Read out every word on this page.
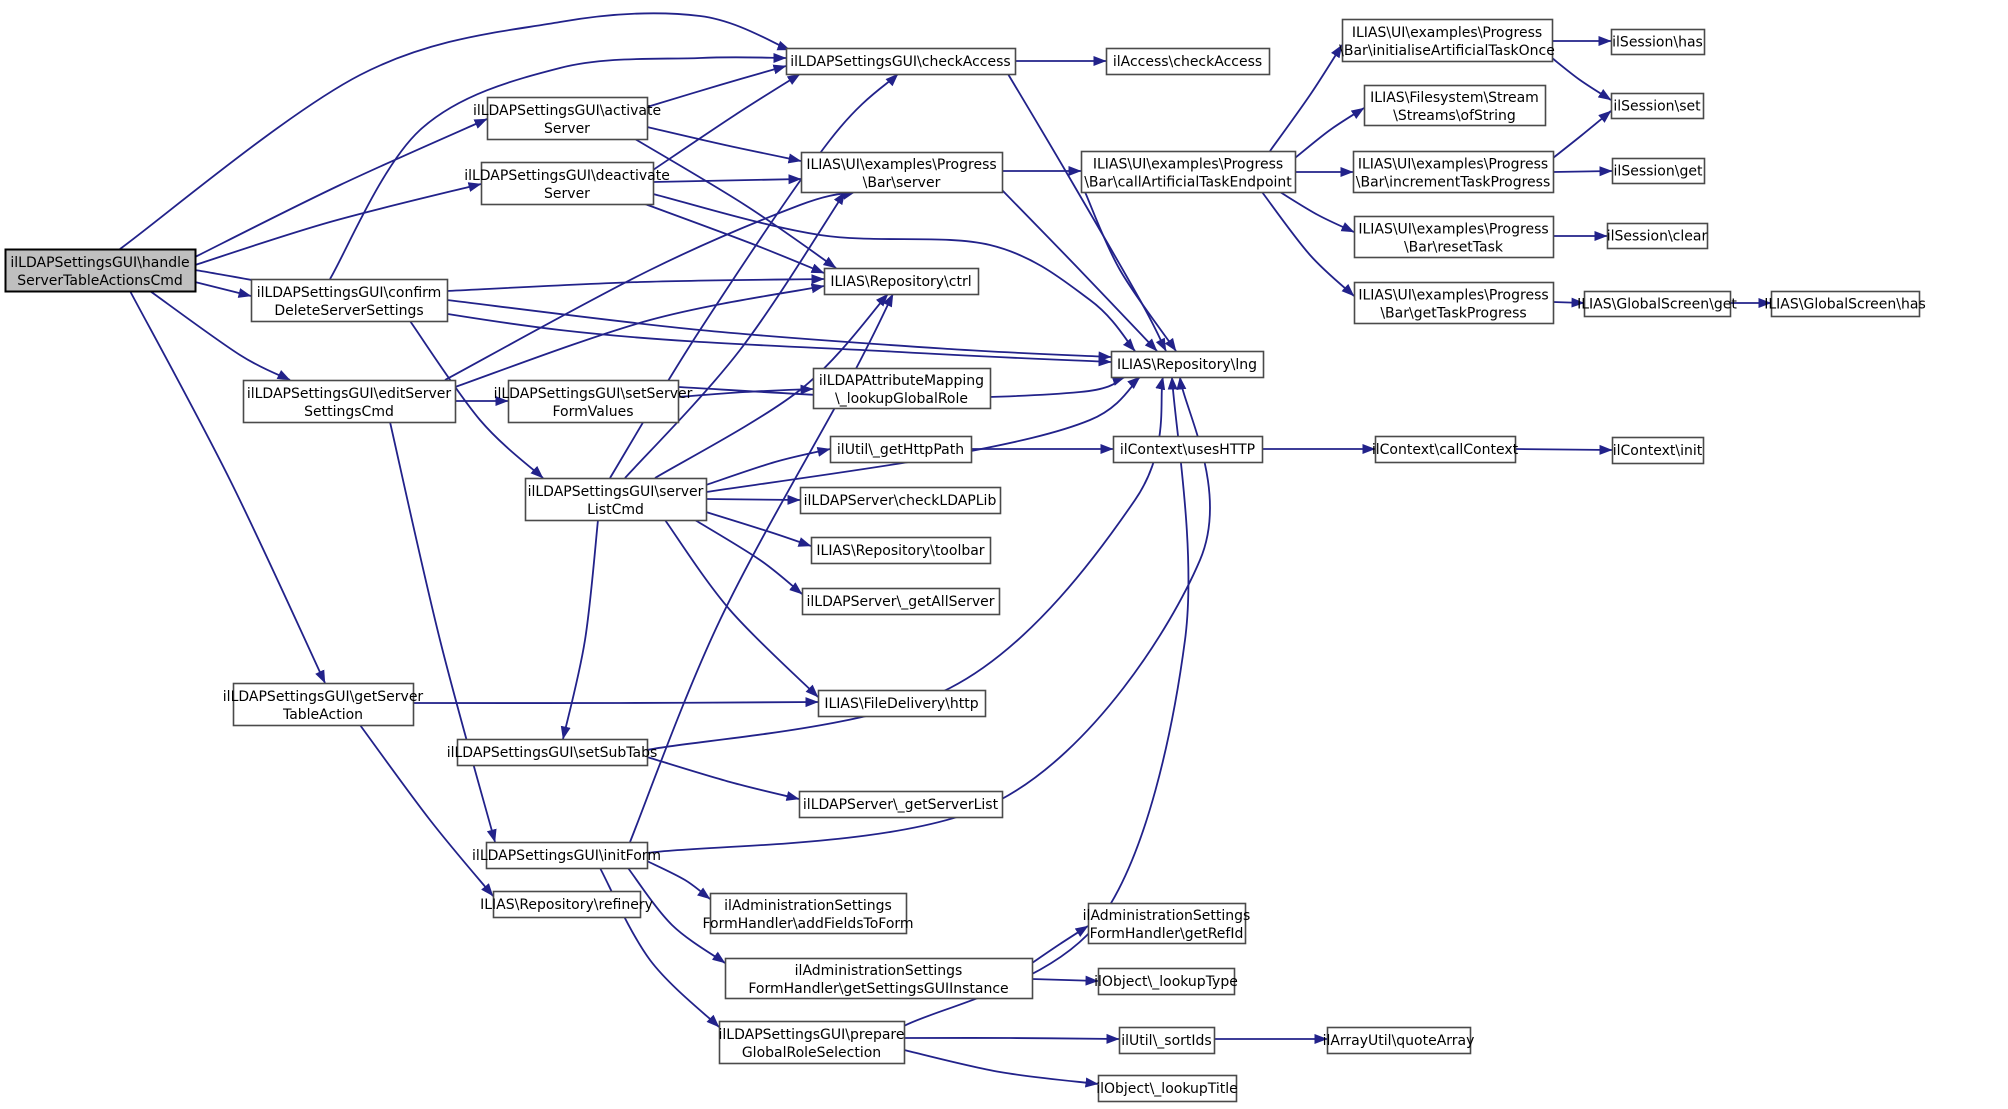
ilLDAPSettingsGUI\handle
ServerTableActionsCmd
ilLDAPSettingsGUI\confirm
DeleteServerSettings
ilLDAPSettingsGUI\editServer
SettingsCmd
ilLDAPSettingsGUI\getServer
TableAction
ilLDAPSettingsGUI\activate
Server
ilLDAPSettingsGUI\deactivate
Server
ilLDAPSettingsGUI\setServer
FormValues
ilLDAPSettingsGUI\server
ListCmd
ilLDAPSettingsGUI\setSubTabs
ilLDAPSettingsGUI\initForm
ILIAS\Repository\refinery
ilLDAPSettingsGUI\checkAccess
ILIAS\UI\examples\Progress
\Bar\server
ILIAS\Repository\ctrl
ilLDAPAttributeMapping
\_lookupGlobalRole
ilUtil\_getHttpPath
ilLDAPServer\checkLDAPLib
ILIAS\Repository\toolbar
ilLDAPServer\_getAllServer
ILIAS\FileDelivery\http
ilLDAPServer\_getServerList
ilAdministrationSettings
FormHandler\addFieldsToForm
ilAdministrationSettings
FormHandler\getSettingsGUIInstance
ilLDAPSettingsGUI\prepare
GlobalRoleSelection
ilAdministrationSettings
FormHandler\getRefId
ilObject\_lookupType
ilUtil\_sortIds	ilArrayUtil\quoteArray
ilObject\_lookupTitle
ilAccess\checkAccess
ILIAS\UI\examples\Progress
\Bar\callArtificialTaskEndpoint
ILIAS\UI\examples\Progress
\Bar\initialiseArtificialTaskOnce
ILIAS\Filesystem\Stream
\Streams\ofString
ILIAS\UI\examples\Progress
\Bar\incrementTaskProgress
ILIAS\UI\examples\Progress
\Bar\resetTask
ILIAS\UI\examples\Progress
\Bar\getTaskProgress
ilSession\has
ilSession\set
ilSession\get
ilSession\clear
ILIAS\GlobalScreen\get ILIAS\GlobalScreen\has
ILIAS\Repository\lng
ilContext\usesHTTP	ilContext\callContext	ilContext\init
